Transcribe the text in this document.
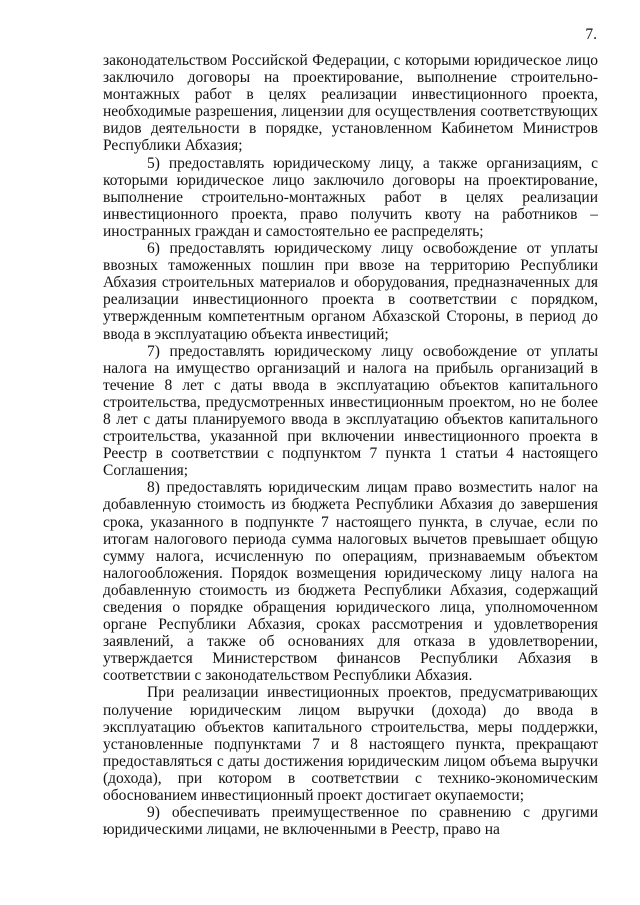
7.

законодательством Российской Федерации, с которыми юридическое лицо заключило договоры на проектирование, выполнение строительно-монтажных работ в целях реализации инвестиционного проекта, необходимые разрешения, лицензии для осуществления соответствующих видов деятельности в порядке, установленном Кабинетом Министров Республики Абхазия;

5) предоставлять юридическому лицу, а также организациям, с которыми юридическое лицо заключило договоры на проектирование, выполнение строительно-монтажных работ в целях реализации инвестиционного проекта, право получить квоту на работников – иностранных граждан и самостоятельно ее распределять;

6) предоставлять юридическому лицу освобождение от уплаты ввозных таможенных пошлин при ввозе на территорию Республики Абхазия строительных материалов и оборудования, предназначенных для реализации инвестиционного проекта в соответствии с порядком, утвержденным компетентным органом Абхазской Стороны, в период до ввода в эксплуатацию объекта инвестиций;

7) предоставлять юридическому лицу освобождение от уплаты налога на имущество организаций и налога на прибыль организаций в течение 8 лет с даты ввода в эксплуатацию объектов капитального строительства, предусмотренных инвестиционным проектом, но не более 8 лет с даты планируемого ввода в эксплуатацию объектов капитального строительства, указанной при включении инвестиционного проекта в Реестр в соответствии с подпунктом 7 пункта 1 статьи 4 настоящего Соглашения;

8) предоставлять юридическим лицам право возместить налог на добавленную стоимость из бюджета Республики Абхазия до завершения срока, указанного в подпункте 7 настоящего пункта, в случае, если по итогам налогового периода сумма налоговых вычетов превышает общую сумму налога, исчисленную по операциям, признаваемым объектом налогообложения. Порядок возмещения юридическому лицу налога на добавленную стоимость из бюджета Республики Абхазия, содержащий сведения о порядке обращения юридического лица, уполномоченном органе Республики Абхазия, сроках рассмотрения и удовлетворения заявлений, а также об основаниях для отказа в удовлетворении, утверждается Министерством финансов Республики Абхазия в соответствии с законодательством Республики Абхазия.

При реализации инвестиционных проектов, предусматривающих получение юридическим лицом выручки (дохода) до ввода в эксплуатацию объектов капитального строительства, меры поддержки, установленные подпунктами 7 и 8 настоящего пункта, прекращают предоставляться с даты достижения юридическим лицом объема выручки (дохода), при котором в соответствии с технико-экономическим обоснованием инвестиционный проект достигает окупаемости;

9) обеспечивать преимущественное по сравнению с другими юридическими лицами, не включенными в Реестр, право на
